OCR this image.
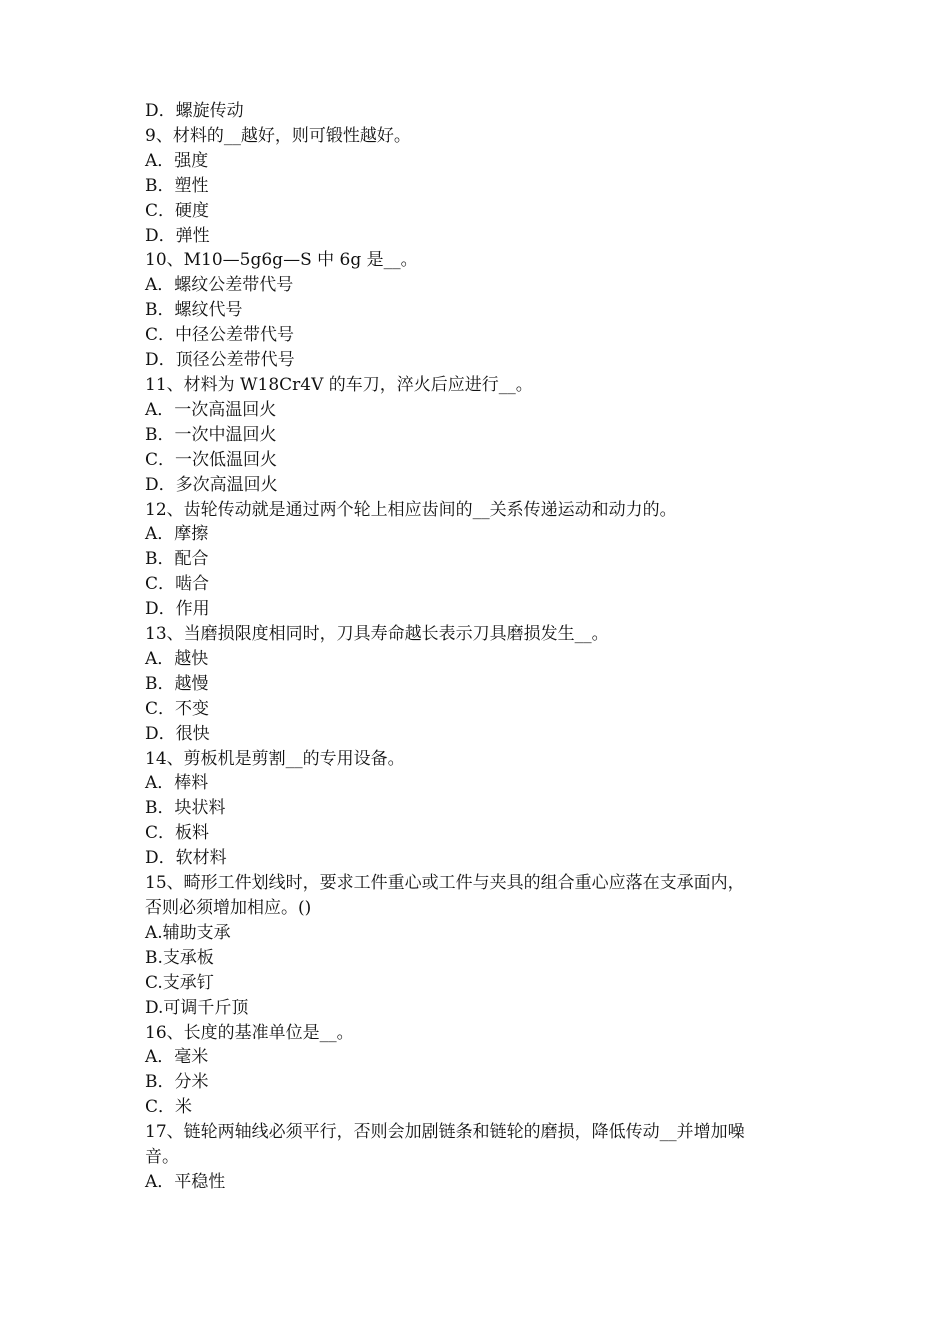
D．螺旋传动

9、材料的__越好，则可锻性越好。

A．强度

B．塑性

C．硬度

D．弹性

10、M10—5g6g—S 中 6g 是__。

A．螺纹公差带代号

B．螺纹代号

C．中径公差带代号

D．顶径公差带代号

11、材料为 W18Cr4V 的车刀，淬火后应进行__。

A．一次高温回火

B．一次中温回火

C．一次低温回火

D．多次高温回火

12、齿轮传动就是通过两个轮上相应齿间的__关系传递运动和动力的。

A．摩擦

B．配合

C．啮合

D．作用

13、当磨损限度相同时，刀具寿命越长表示刀具磨损发生__。

A．越快

B．越慢

C．不变

D．很快

14、剪板机是剪割__的专用设备。

A．棒料

B．块状料

C．板料

D．软材料

15、畸形工件划线时，要求工件重心或工件与夹具的组合重心应落在支承面内，

否则必须增加相应。()

A.辅助支承

B.支承板

C.支承钉

D.可调千斤顶

16、长度的基准单位是__。

A．毫米

B．分米

C．米

17、链轮两轴线必须平行，否则会加剧链条和链轮的磨损，降低传动__并增加噪

音。

A．平稳性
